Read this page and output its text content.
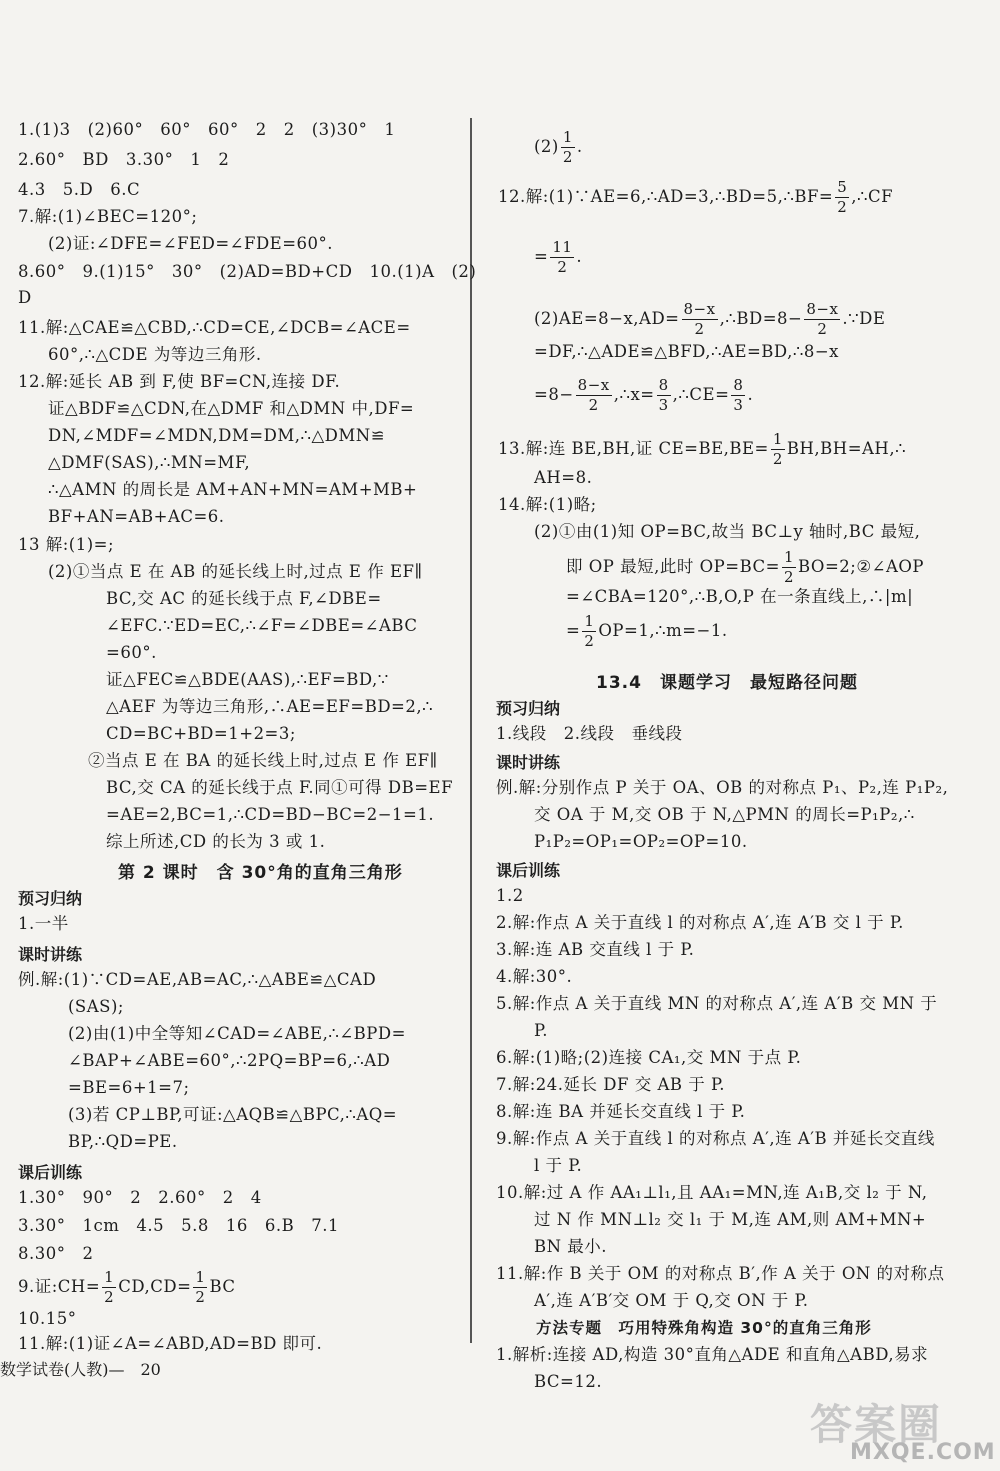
1.(1)3　(2)60°　60°　60°　2　2　(3)30°　1
2.60°　BD　3.30°　1　2
4.3　5.D　6.C
7.解:(1)∠BEC=120°;
(2)证:∠DFE=∠FED=∠FDE=60°.
8.60°　9.(1)15°　30°　(2)AD=BD+CD　10.(1)A　(2)
D
11.解:△CAE≌△CBD,∴CD=CE,∠DCB=∠ACE=
60°,∴△CDE 为等边三角形.
12.解:延长 AB 到 F,使 BF=CN,连接 DF.
证△BDF≌△CDN,在△DMF 和△DMN 中,DF=
DN,∠MDF=∠MDN,DM=DM,∴△DMN≌
△DMF(SAS),∴MN=MF,
∴△AMN 的周长是 AM+AN+MN=AM+MB+
BF+AN=AB+AC=6.
13 解:(1)=;
(2)①当点 E 在 AB 的延长线上时,过点 E 作 EF∥
BC,交 AC 的延长线于点 F,∠DBE=
∠EFC.∵ED=EC,∴∠F=∠DBE=∠ABC
=60°.
证△FEC≌△BDE(AAS),∴EF=BD,∵
△AEF 为等边三角形,∴AE=EF=BD=2,∴
CD=BC+BD=1+2=3;
②当点 E 在 BA 的延长线上时,过点 E 作 EF∥
BC,交 CA 的延长线于点 F.同①可得 DB=EF
=AE=2,BC=1,∴CD=BD−BC=2−1=1.
综上所述,CD 的长为 3 或 1.
第 2 课时　含 30°角的直角三角形
预习归纳
1.一半
课时讲练
例.解:(1)∵CD=AE,AB=AC,∴△ABE≌△CAD
(SAS);
(2)由(1)中全等知∠CAD=∠ABE,∴∠BPD=
∠BAP+∠ABE=60°,∴2PQ=BP=6,∴AD
=BE=6+1=7;
(3)若 CP⊥BP,可证:△AQB≌△BPC,∴AQ=
BP,∴QD=PE.
课后训练
1.30°　90°　2　2.60°　2　4
3.30°　1cm　4.5　5.8　16　6.B　7.1
8.30°　2
9.证:CH= $\frac{1}{2} CD,CD= \frac{1}{2}$ BC
10.15°
11.解:(1)证∠A=∠ABD,AD=BD 即可.
数学试卷(人教)—　20
$(2) \frac{1}{2}$ .
12.解:(1)∵AE=6,∴AD=3,∴BD=5,∴BF= $\frac{5}{2}$ ,∴CF
= $\frac{11}{2}$ .
$(2)AE=8-x,AD= \frac{8-x}{2}$ ,∴BD=8− $\frac{8-x}{2}$ .∵DE
=DF,∴△ADE≌△BFD,∴AE=BD,∴8−x
$=8- \frac{8-x}{2}$ ,∴x= $\frac{8}{3}$ ,∴CE= $\frac{8}{3}$ .
13.解:连 BE,BH,证 $CE=BE,BE= \frac{1}{2}$ BH,BH=AH,∴
AH=8.
14.解:(1)略;
(2)①由(1)知 OP=BC,故当 BC⊥y 轴时,BC 最短,
即 OP 最短,此时 $OP=BC= \frac{1}{2}$ BO=2;②∠AOP
=∠CBA=120°,∴B,O,P 在一条直线上,∴|m|
= $\frac{1}{2}$ OP=1,∴m=−1.
13.4　课题学习　最短路径问题
预习归纳
1.线段　2.线段　垂线段
课时讲练
例.解:分别作点 P 关于 OA、OB 的对称点 P₁、P₂,连 P₁P₂,
交 OA 于 M,交 OB 于 N,△PMN 的周长=P₁P₂,∴
P₁P₂=OP₁=OP₂=OP=10.
课后训练
1.2
2.解:作点 A 关于直线 l 的对称点 A′,连 A′B 交 l 于 P.
3.解:连 AB 交直线 l 于 P.
4.解:30°.
5.解:作点 A 关于直线 MN 的对称点 A′,连 A′B 交 MN 于
P.
6.解:(1)略;(2)连接 CA₁,交 MN 于点 P.
7.解:24.延长 DF 交 AB 于 P.
8.解:连 BA 并延长交直线 l 于 P.
9.解:作点 A 关于直线 l 的对称点 A′,连 A′B 并延长交直线
l 于 P.
10.解:过 A 作 AA₁⊥l₁,且 AA₁=MN,连 A₁B,交 l₂ 于 N,
过 N 作 MN⊥l₂ 交 l₁ 于 M,连 AM,则 AM+MN+
BN 最小.
11.解:作 B 关于 OM 的对称点 B′,作 A 关于 ON 的对称点
A′,连 A′B′交 OM 于 Q,交 ON 于 P.
方法专题　巧用特殊角构造 30°的直角三角形
1.解析:连接 AD,构造 30°直角△ADE 和直角△ABD,易求
BC=12.
答案圈
MXQE.COM
